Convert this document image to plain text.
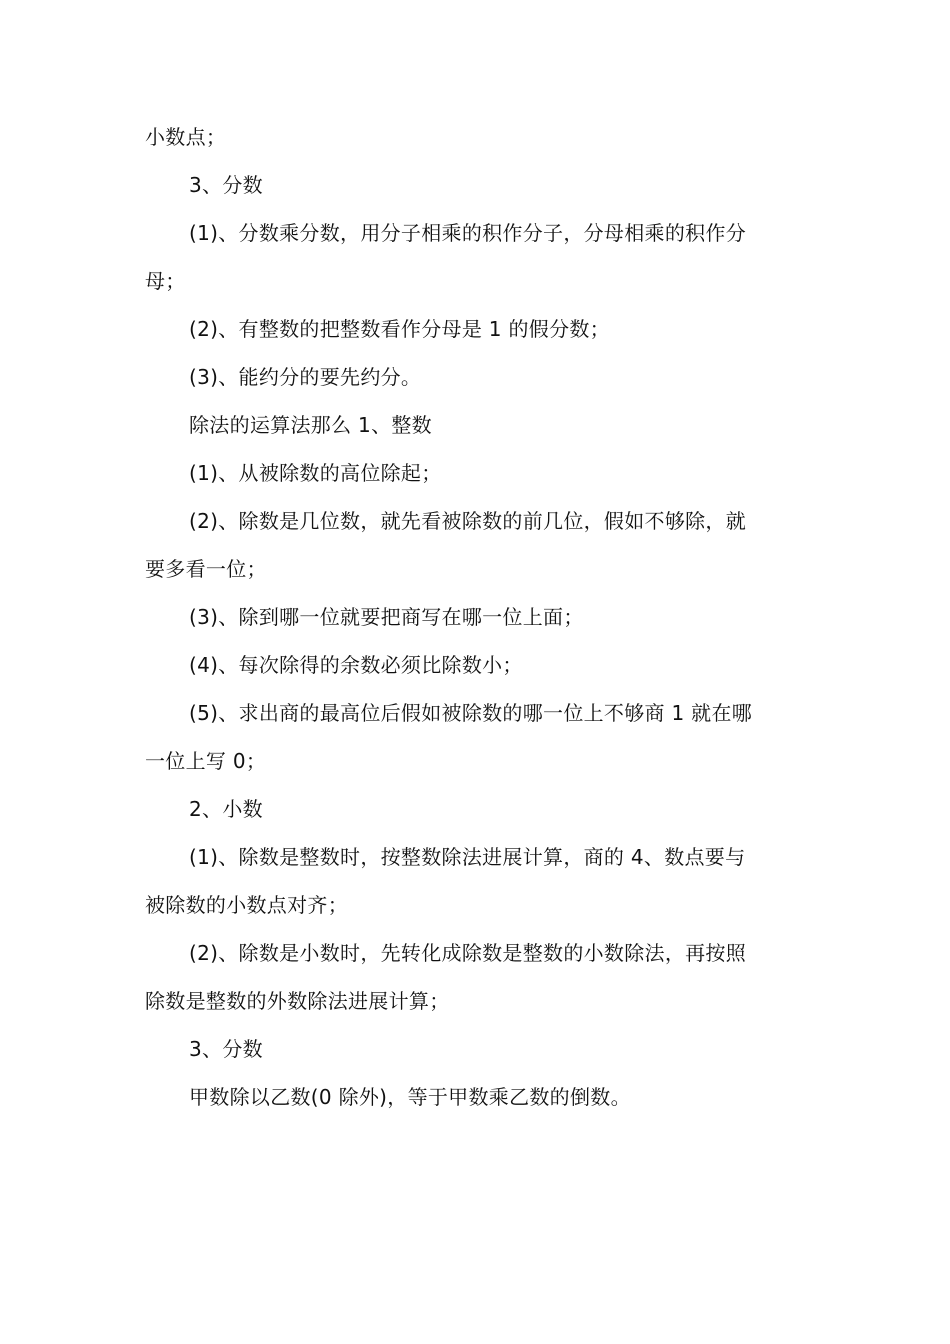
小数点；
3、分数
(1)、分数乘分数，用分子相乘的积作分子，分母相乘的积作分
母；
(2)、有整数的把整数看作分母是 1 的假分数；
(3)、能约分的要先约分。
除法的运算法那么 1、整数
(1)、从被除数的高位除起；
(2)、除数是几位数，就先看被除数的前几位，假如不够除，就
要多看一位；
(3)、除到哪一位就要把商写在哪一位上面；
(4)、每次除得的余数必须比除数小；
(5)、求出商的最高位后假如被除数的哪一位上不够商 1 就在哪
一位上写 0；
2、小数
(1)、除数是整数时，按整数除法进展计算，商的 4、数点要与
被除数的小数点对齐；
(2)、除数是小数时，先转化成除数是整数的小数除法，再按照
除数是整数的外数除法进展计算；
3、分数
甲数除以乙数(0 除外)，等于甲数乘乙数的倒数。
